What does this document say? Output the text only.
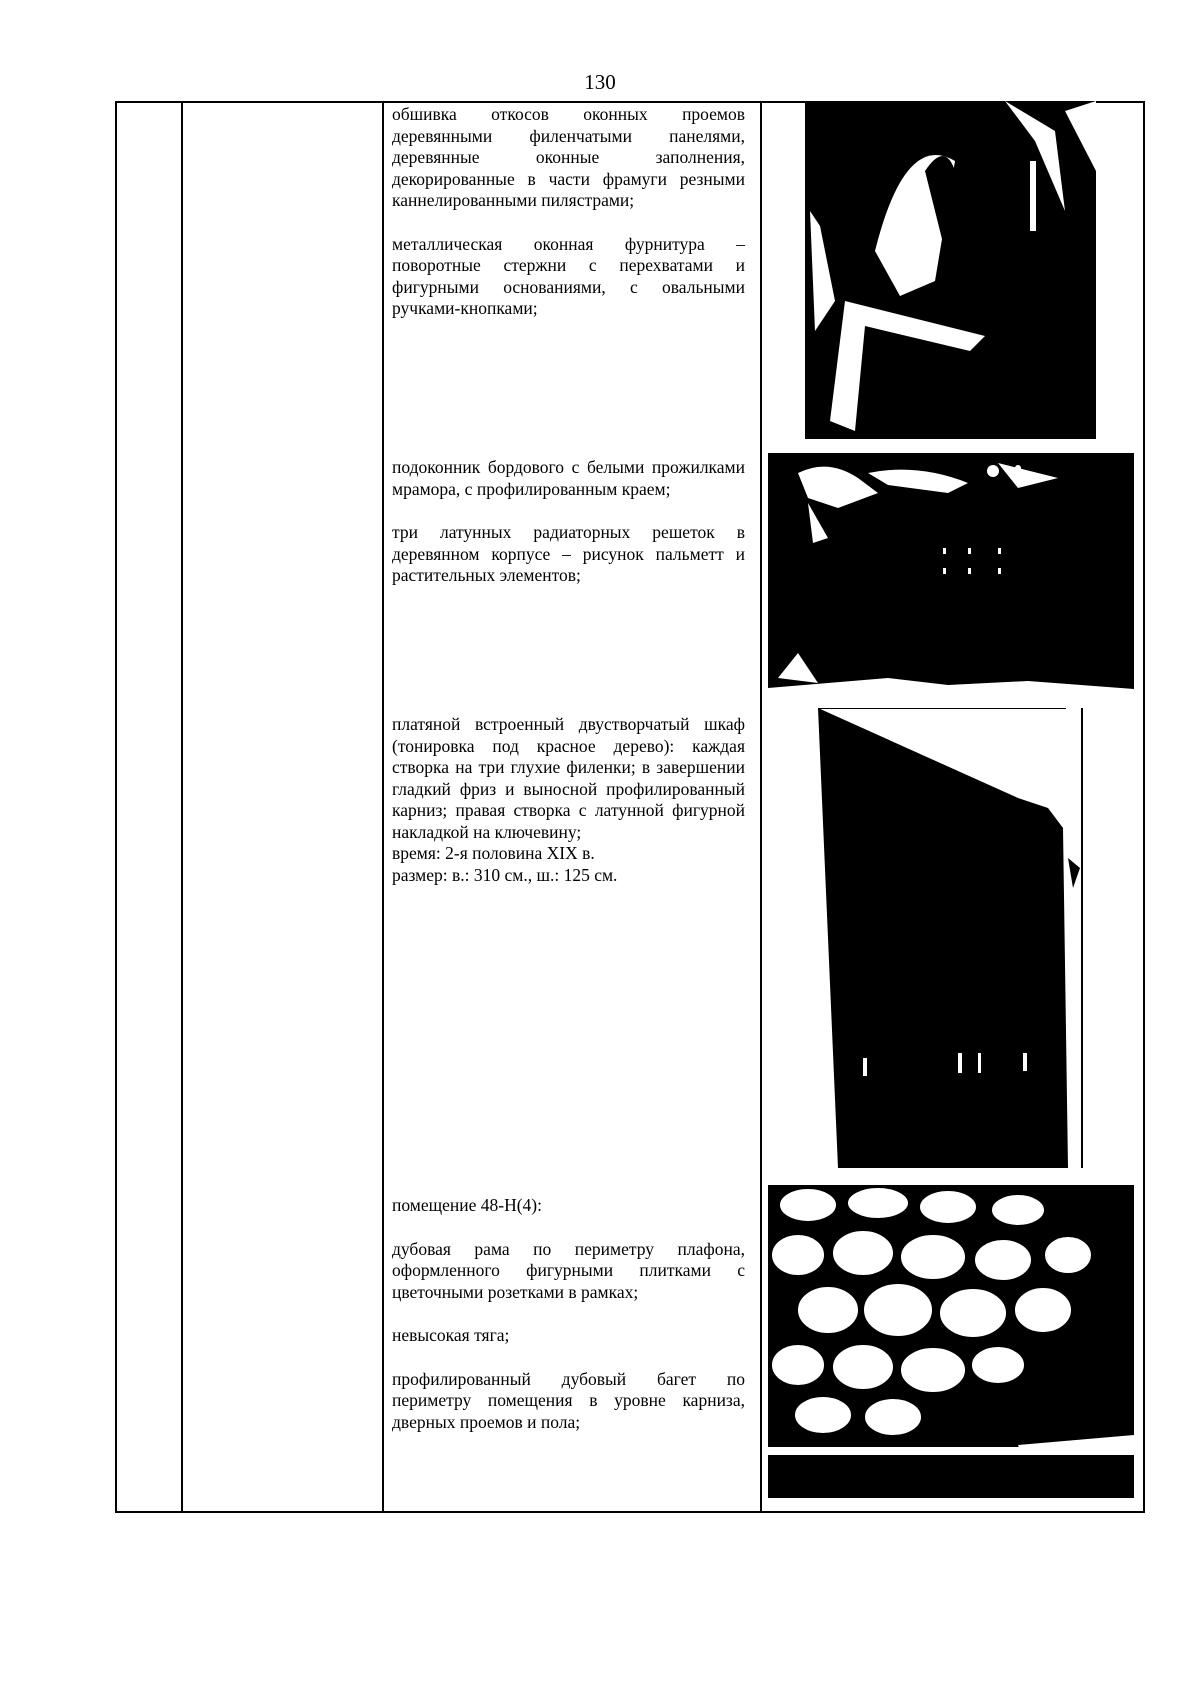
130

обшивка откосов оконных проемов деревянными филенчатыми панелями, деревянные оконные заполнения, декорированные в части фрамуги резными каннелированными пилястрами;

металлическая оконная фурнитура – поворотные стержни с перехватами и фигурными основаниями, с овальными ручками-кнопками;

подоконник бордового с белыми прожилками мрамора, с профилированным краем;

три латунных радиаторных решеток в деревянном корпусе – рисунок пальметт и растительных элементов;

платяной встроенный двустворчатый шкаф (тонировка под красное дерево): каждая створка на три глухие филенки; в завершении гладкий фриз и выносной профилированный карниз; правая створка с латунной фигурной накладкой на ключевину;

время: 2-я половина XIX в.

размер: в.: 310 см., ш.: 125 см.

помещение 48-Н(4):

дубовая рама по периметру плафона, оформленного фигурными плитками с цветочными розетками в рамках;

невысокая тяга;

профилированный дубовый багет по периметру помещения в уровне карниза, дверных проемов и пола;
